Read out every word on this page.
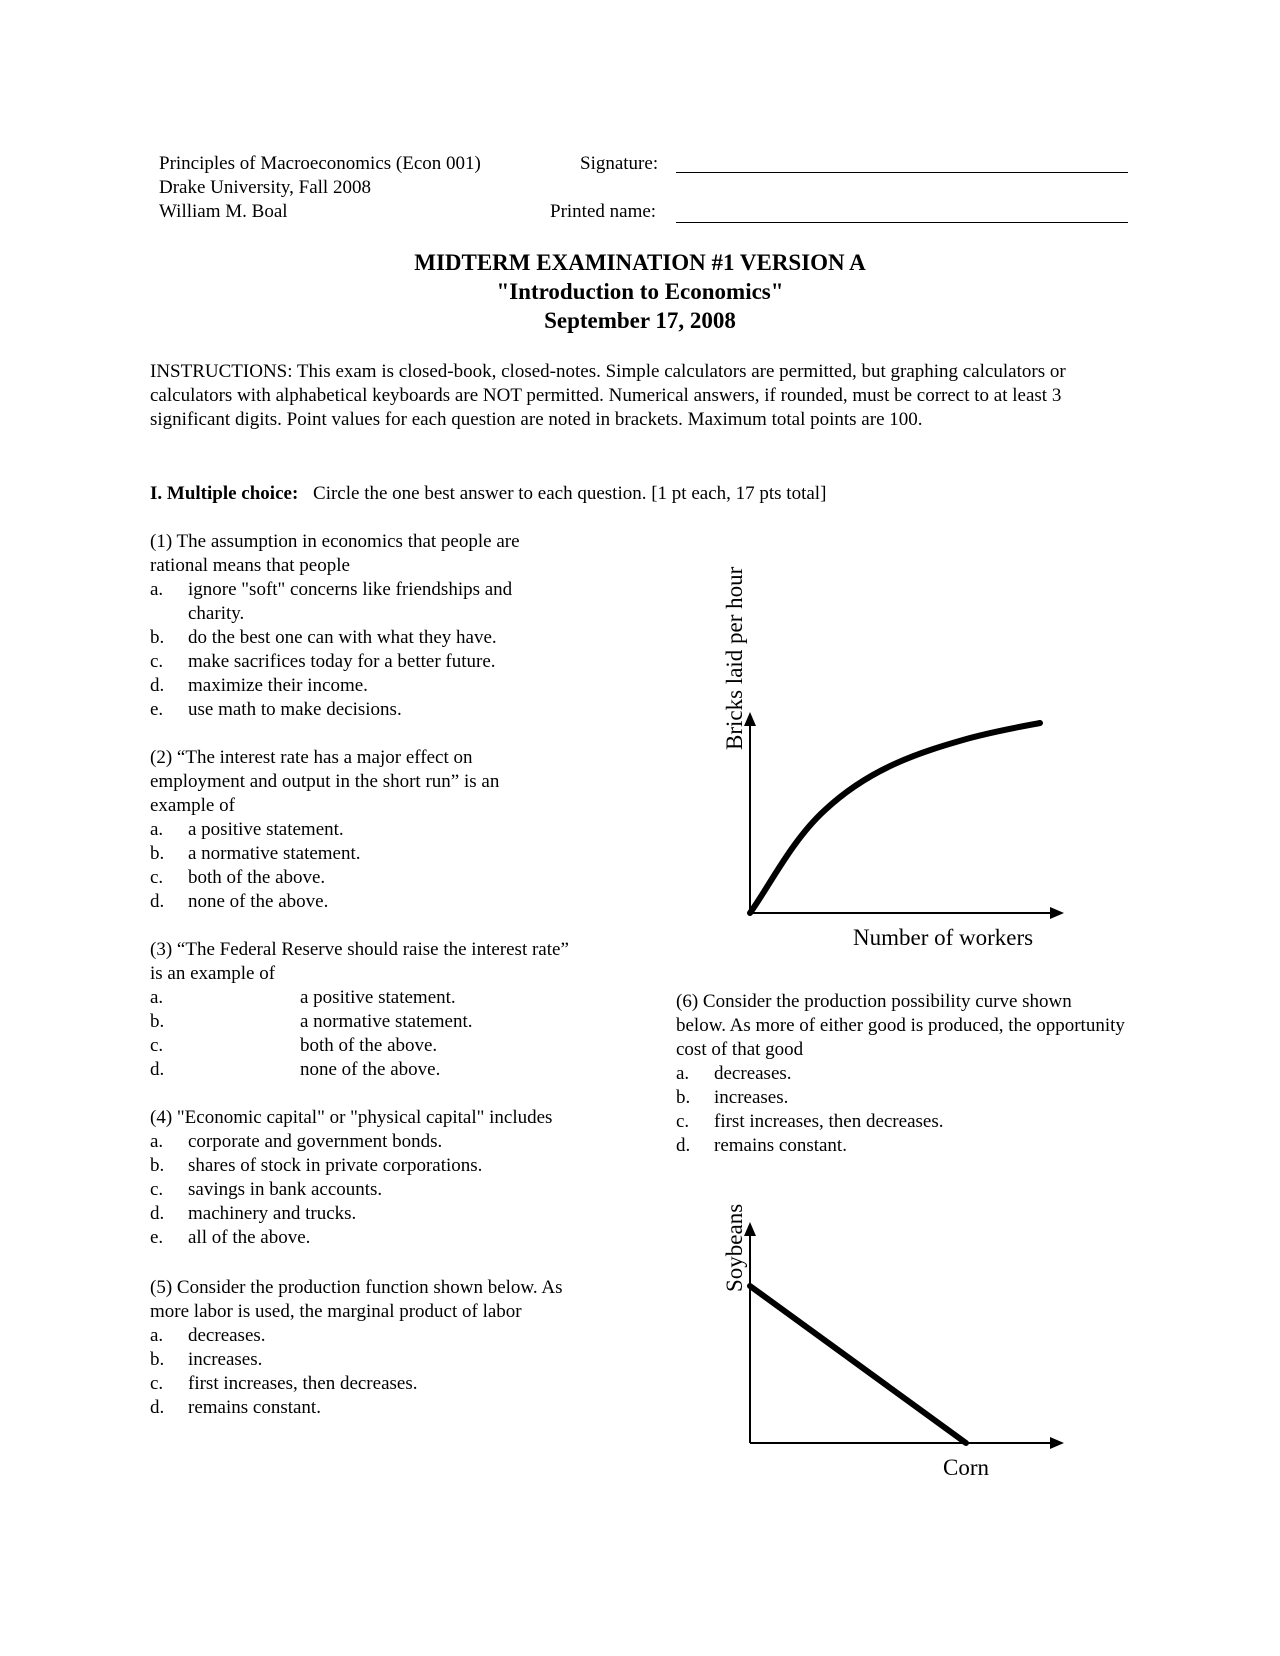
Principles of Macroeconomics (Econ 001)
Drake University, Fall 2008
William M. Boal
Signature:
Printed name:
MIDTERM EXAMINATION #1 VERSION A
"Introduction to Economics"
September 17, 2008
INSTRUCTIONS: This exam is closed-book, closed-notes. Simple calculators are permitted, but graphing calculators or calculators with alphabetical keyboards are NOT permitted. Numerical answers, if rounded, must be correct to at least 3 significant digits. Point values for each question are noted in brackets. Maximum total points are 100.
I. Multiple choice: Circle the one best answer to each question. [1 pt each, 17 pts total]
(1) The assumption in economics that people are rational means that people
a.	ignore "soft" concerns like friendships and charity.
b.	do the best one can with what they have.
c.	make sacrifices today for a better future.
d.	maximize their income.
e.	use math to make decisions.
(2) “The interest rate has a major effect on employment and output in the short run” is an example of
a.	a positive statement.
b.	a normative statement.
c.	both of the above.
d.	none of the above.
(3) “The Federal Reserve should raise the interest rate” is an example of
a.	a positive statement.
b.	a normative statement.
c.	both of the above.
d.	none of the above.
(4) "Economic capital" or "physical capital" includes
a.	corporate and government bonds.
b.	shares of stock in private corporations.
c.	savings in bank accounts.
d.	machinery and trucks.
e.	all of the above.
(5) Consider the production function shown below. As more labor is used, the marginal product of labor
a.	decreases.
b.	increases.
c.	first increases, then decreases.
d.	remains constant.
(6) Consider the production possibility curve shown below. As more of either good is produced, the opportunity cost of that good
a.	decreases.
b.	increases.
c.	first increases, then decreases.
d.	remains constant.
Bricks laid per hour
Number of workers
Soybeans
Corn
